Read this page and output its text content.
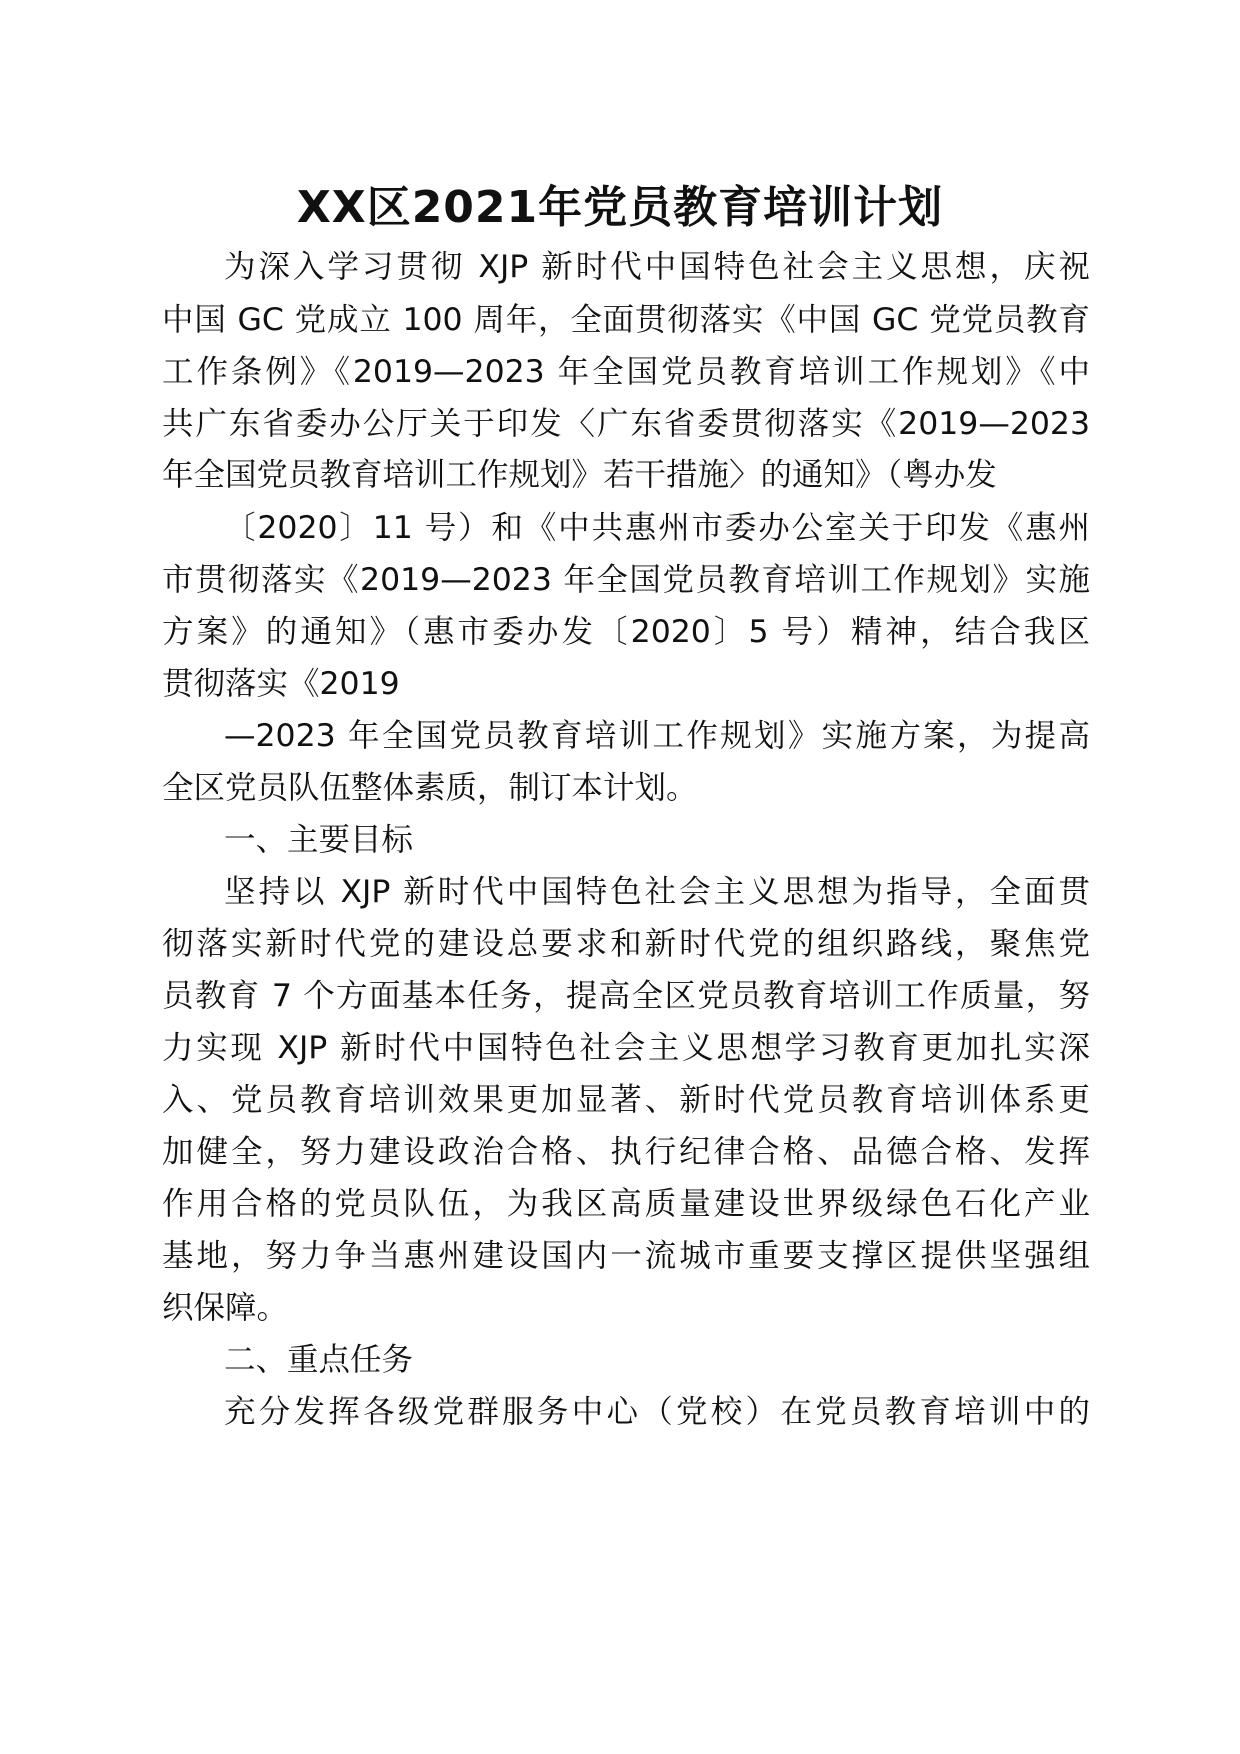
XX区2021年党员教育培训计划
为深入学习贯彻 XJP 新时代中国特色社会主义思想，庆祝
中国 GC 党成立 100 周年，全面贯彻落实《中国 GC 党党员教育
工作条例》《2019—2023 年全国党员教育培训工作规划》《中
共广东省委办公厅关于印发〈广东省委贯彻落实《2019—2023
年全国党员教育培训工作规划》若干措施〉的通知》（粤办发
〔2020〕11 号）和《中共惠州市委办公室关于印发《惠州
市贯彻落实《2019—2023 年全国党员教育培训工作规划》实施
方案》的通知》（惠市委办发〔2020〕5 号）精神，结合我区
贯彻落实《2019
—2023 年全国党员教育培训工作规划》实施方案，为提高
全区党员队伍整体素质，制订本计划。
一、主要目标
坚持以 XJP 新时代中国特色社会主义思想为指导，全面贯
彻落实新时代党的建设总要求和新时代党的组织路线，聚焦党
员教育 7 个方面基本任务，提高全区党员教育培训工作质量，努
力实现 XJP 新时代中国特色社会主义思想学习教育更加扎实深
入、党员教育培训效果更加显著、新时代党员教育培训体系更
加健全，努力建设政治合格、执行纪律合格、品德合格、发挥
作用合格的党员队伍，为我区高质量建设世界级绿色石化产业
基地，努力争当惠州建设国内一流城市重要支撑区提供坚强组
织保障。
二、重点任务
充分发挥各级党群服务中心（党校）在党员教育培训中的
